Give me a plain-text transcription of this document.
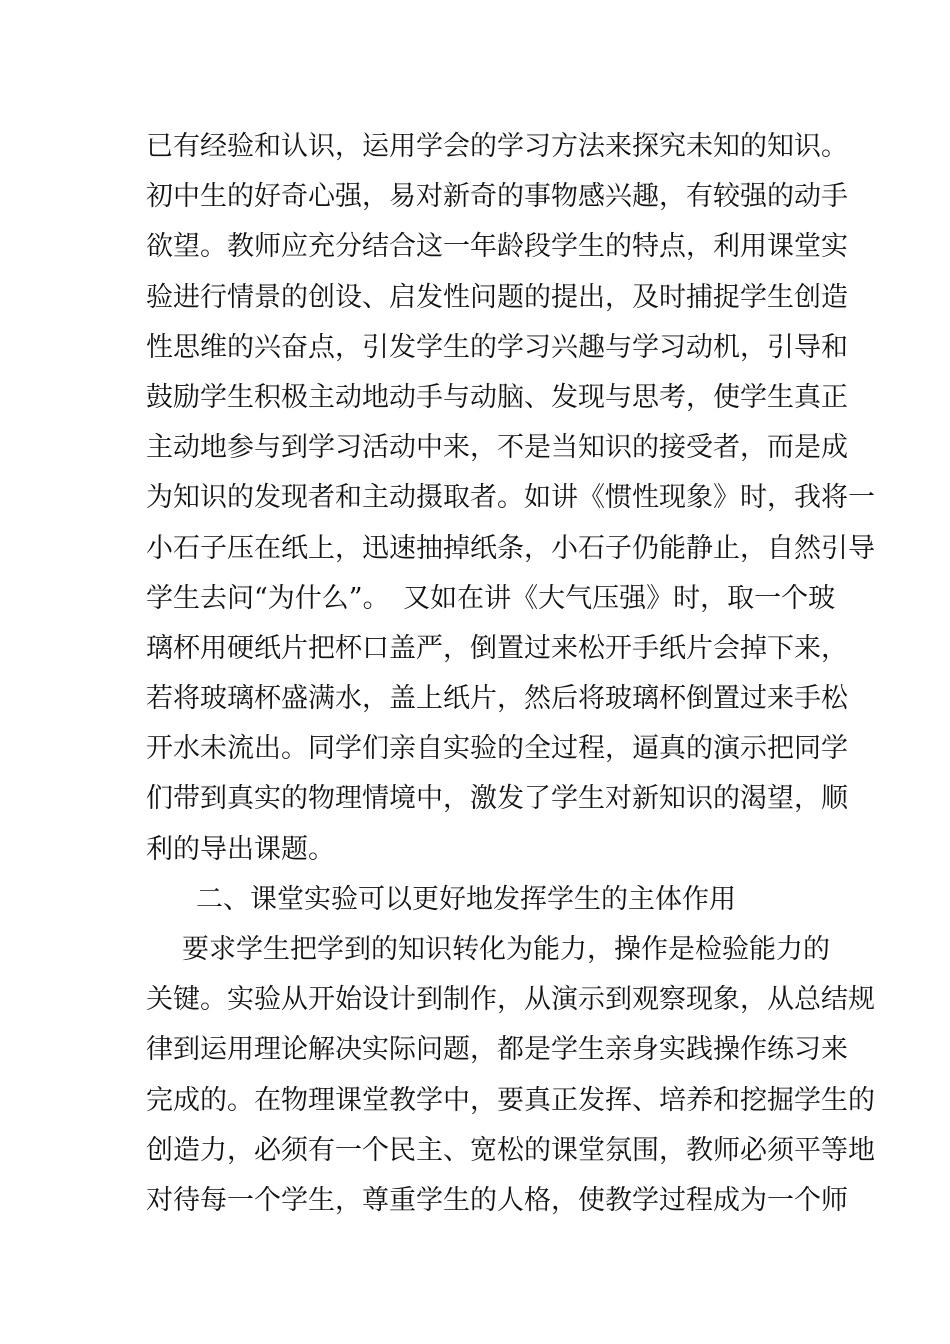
已有经验和认识，运用学会的学习方法来探究未知的知识。
初中生的好奇心强，易对新奇的事物感兴趣，有较强的动手
欲望。教师应充分结合这一年龄段学生的特点，利用课堂实
验进行情景的创设、启发性问题的提出，及时捕捉学生创造
性思维的兴奋点，引发学生的学习兴趣与学习动机，引导和
鼓励学生积极主动地动手与动脑、发现与思考，使学生真正
主动地参与到学习活动中来，不是当知识的接受者，而是成
为知识的发现者和主动摄取者。如讲《惯性现象》时，我将一
小石子压在纸上，迅速抽掉纸条，小石子仍能静止，自然引导
学生去问“为什么”。　又如在讲《大气压强》时，取一个玻
璃杯用硬纸片把杯口盖严，倒置过来松开手纸片会掉下来，
若将玻璃杯盛满水，盖上纸片，然后将玻璃杯倒置过来手松
开水未流出。同学们亲自实验的全过程，逼真的演示把同学
们带到真实的物理情境中，激发了学生对新知识的渴望，顺
利的导出课题。
二、课堂实验可以更好地发挥学生的主体作用
要求学生把学到的知识转化为能力，操作是检验能力的
关键。实验从开始设计到制作，从演示到观察现象，从总结规
律到运用理论解决实际问题，都是学生亲身实践操作练习来
完成的。在物理课堂教学中，要真正发挥、培养和挖掘学生的
创造力，必须有一个民主、宽松的课堂氛围，教师必须平等地
对待每一个学生，尊重学生的人格，使教学过程成为一个师
